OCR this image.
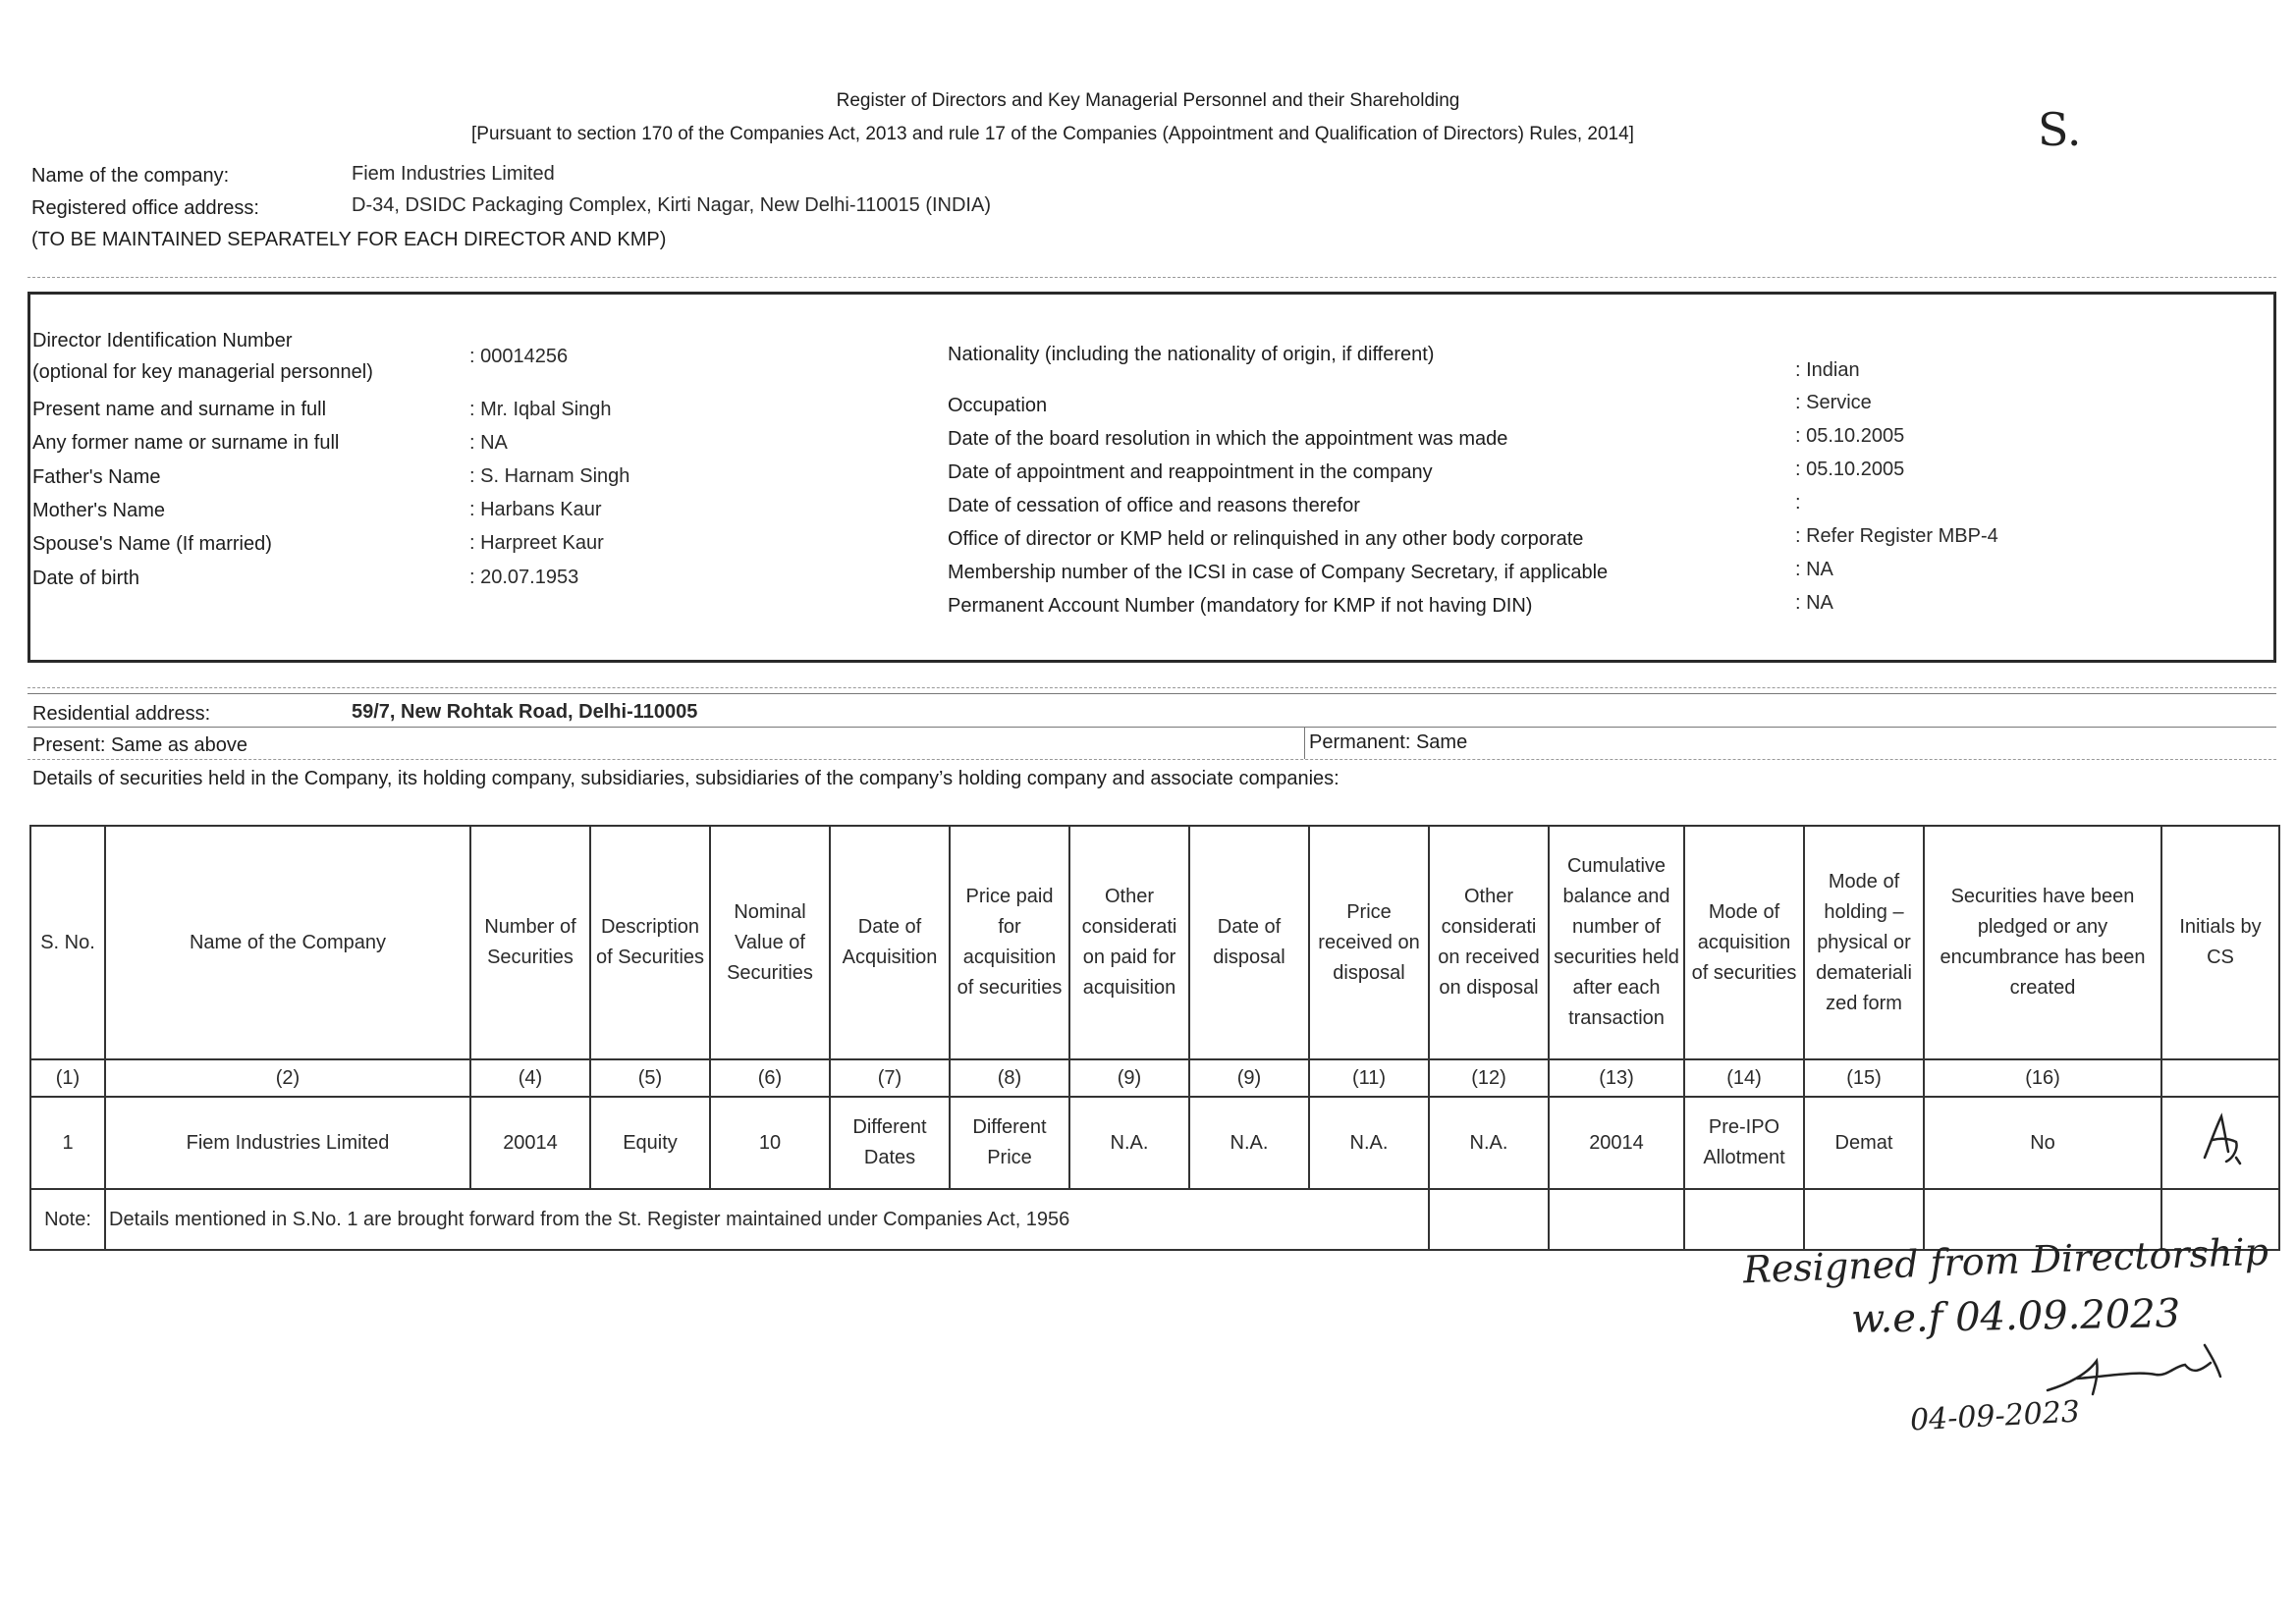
Register of Directors and Key Managerial Personnel and their Shareholding
[Pursuant to section 170 of the Companies Act, 2013 and rule 17 of the Companies (Appointment and Qualification of Directors) Rules, 2014]	S.
Name of the company:	Fiem Industries Limited
Registered office address:	D-34, DSIDC Packaging Complex, Kirti Nagar, New Delhi-110015 (INDIA)
(TO BE MAINTAINED SEPARATELY FOR EACH DIRECTOR AND KMP)
Director Identification Number
(optional for key managerial personnel)
: 00014256
Present name and surname in full	: Mr. Iqbal Singh
Any former name or surname in full	: NA
Father's Name	: S. Harnam Singh
Mother's Name	: Harbans Kaur
Spouse's Name (If married)	: Harpreet Kaur
Date of birth	: 20.07.1953
Nationality (including the nationality of origin, if different)
: Indian
Occupation	: Service
Date of the board resolution in which the appointment was made	: 05.10.2005
Date of appointment and reappointment in the company	: 05.10.2005
Date of cessation of office and reasons therefor	:
Office of director or KMP held or relinquished in any other body corporate	: Refer Register MBP-4
Membership number of the ICSI in case of Company Secretary, if applicable	: NA
Permanent Account Number (mandatory for KMP if not having DIN)	: NA
Residential address:	59/7, New Rohtak Road, Delhi-110005
Present: Same as above	Permanent: Same
Details of securities held in the Company, its holding company, subsidiaries, subsidiaries of the company’s holding company and associate companies:
S. No.	Name of the Company	Number of Securities	Description of Securities	Nominal Value of Securities	Date of Acquisition	Price paid for acquisition of securities	Other considerati on paid for acquisition	Date of disposal	Price received on disposal	Other considerati on received on disposal	Cumulative balance and number of securities held after each transaction	Mode of acquisition of securities	Mode of holding – physical or demateriali zed form	Securities have been pledged or any encumbrance has been created	Initials by CS
(1)	(2)	(4)	(5)	(6)	(7)	(8)	(9)	(9)	(11)	(12)	(13)	(14)	(15)	(16)	
1	Fiem Industries Limited	20014	Equity	10	Different Dates	Different Price	N.A.	N.A.	N.A.	N.A.	20014	Pre-IPO Allotment	Demat	No	
Note:	Details mentioned in S.No. 1 are brought forward from the St. Register maintained under Companies Act, 1956														
Resigned from Directorship
w.e.f 04.09.2023
04-09-2023
